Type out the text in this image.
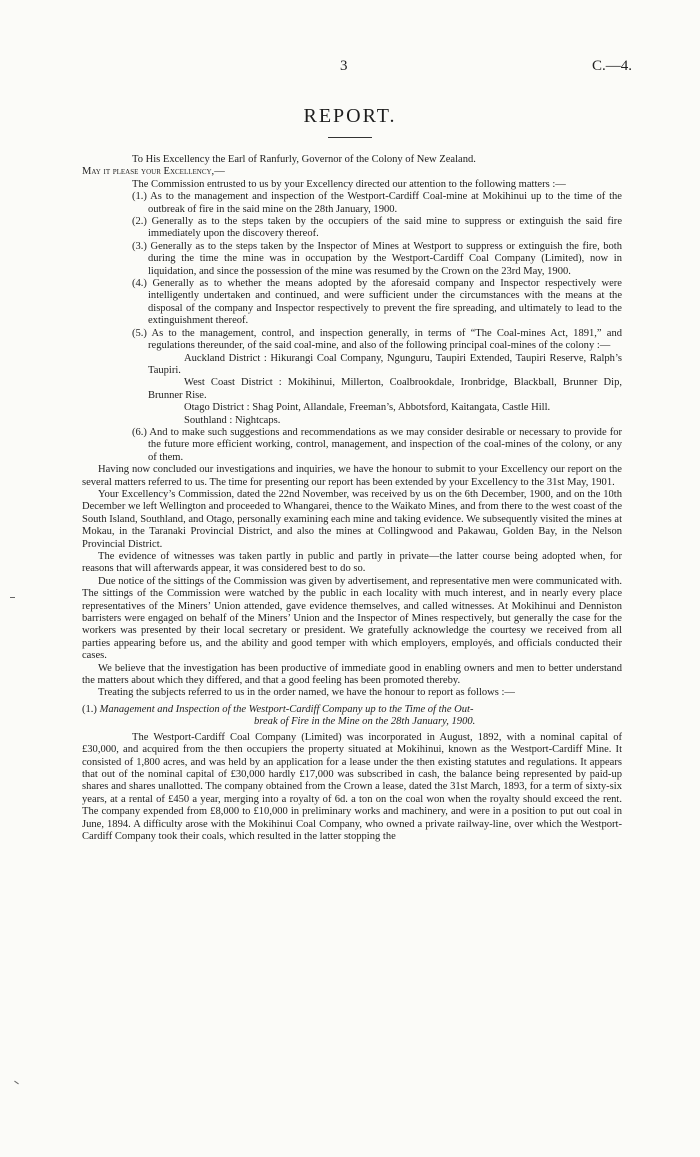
3	C.—4.
REPORT.

To His Excellency the Earl of Ranfurly, Governor of the Colony of New Zealand.

May it please your Excellency,—

The Commission entrusted to us by your Excellency directed our attention to the following matters :—

(1.) As to the management and inspection of the Westport-Cardiff Coal-mine at Mokihinui up to the time of the outbreak of fire in the said mine on the 28th January, 1900.

(2.) Generally as to the steps taken by the occupiers of the said mine to suppress or extinguish the said fire immediately upon the discovery thereof.

(3.) Generally as to the steps taken by the Inspector of Mines at Westport to suppress or extinguish the fire, both during the time the mine was in occupation by the Westport-Cardiff Coal Company (Limited), now in liquidation, and since the possession of the mine was resumed by the Crown on the 23rd May, 1900.

(4.) Generally as to whether the means adopted by the aforesaid company and Inspector respectively were intelligently undertaken and continued, and were sufficient under the circumstances with the means at the disposal of the company and Inspector respectively to prevent the fire spreading, and ultimately to lead to the extinguishment thereof.

(5.) As to the management, control, and inspection generally, in terms of “The Coal-mines Act, 1891,” and regulations thereunder, of the said coal-mine, and also of the following principal coal-mines of the colony :—

Auckland District : Hikurangi Coal Company, Ngunguru, Taupiri Extended, Taupiri Reserve, Ralph’s Taupiri.

West Coast District : Mokihinui, Millerton, Coalbrookdale, Ironbridge, Blackball, Brunner Dip, Brunner Rise.

Otago District : Shag Point, Allandale, Freeman’s, Abbotsford, Kaitangata, Castle Hill.

Southland : Nightcaps.

(6.) And to make such suggestions and recommendations as we may consider desirable or necessary to provide for the future more efficient working, control, management, and inspection of the coal-mines of the colony, or any of them.

Having now concluded our investigations and inquiries, we have the honour to submit to your Excellency our report on the several matters referred to us. The time for presenting our report has been extended by your Excellency to the 31st May, 1901.

Your Excellency’s Commission, dated the 22nd November, was received by us on the 6th December, 1900, and on the 10th December we left Wellington and proceeded to Whangarei, thence to the Waikato Mines, and from there to the west coast of the South Island, Southland, and Otago, personally examining each mine and taking evidence. We subsequently visited the mines at Mokau, in the Taranaki Provincial District, and also the mines at Collingwood and Pakawau, Golden Bay, in the Nelson Provincial District.

The evidence of witnesses was taken partly in public and partly in private—the latter course being adopted when, for reasons that will afterwards appear, it was considered best to do so.

Due notice of the sittings of the Commission was given by advertisement, and representative men were communicated with. The sittings of the Commission were watched by the public in each locality with much interest, and in nearly every place representatives of the Miners’ Union attended, gave evidence themselves, and called witnesses. At Mokihinui and Denniston barristers were engaged on behalf of the Miners’ Union and the Inspector of Mines respectively, but generally the case for the workers was presented by their local secretary or president. We gratefully acknowledge the courtesy we received from all parties appearing before us, and the ability and good temper with which employers, employés, and officials conducted their cases.

We believe that the investigation has been productive of immediate good in enabling owners and men to better understand the matters about which they differed, and that a good feeling has been promoted thereby.

Treating the subjects referred to us in the order named, we have the honour to report as follows :—

(1.) Management and Inspection of the Westport-Cardiff Company up to the Time of the Out-
break of Fire in the Mine on the 28th January, 1900.

The Westport-Cardiff Coal Company (Limited) was incorporated in August, 1892, with a nominal capital of £30,000, and acquired from the then occupiers the property situated at Mokihinui, known as the Westport-Cardiff Mine. It consisted of 1,800 acres, and was held by an application for a lease under the then existing statutes and regulations. It appears that out of the nominal capital of £30,000 hardly £17,000 was subscribed in cash, the balance being represented by paid-up shares and shares unallotted. The company obtained from the Crown a lease, dated the 31st March, 1893, for a term of sixty-six years, at a rental of £450 a year, merging into a royalty of 6d. a ton on the coal won when the royalty should exceed the rent. The company expended from £8,000 to £10,000 in preliminary works and machinery, and were in a position to put out coal in June, 1894. A difficulty arose with the Mokihinui Coal Company, who owned a private railway-line, over which the Westport-Cardiff Company took their coals, which resulted in the latter stopping the
